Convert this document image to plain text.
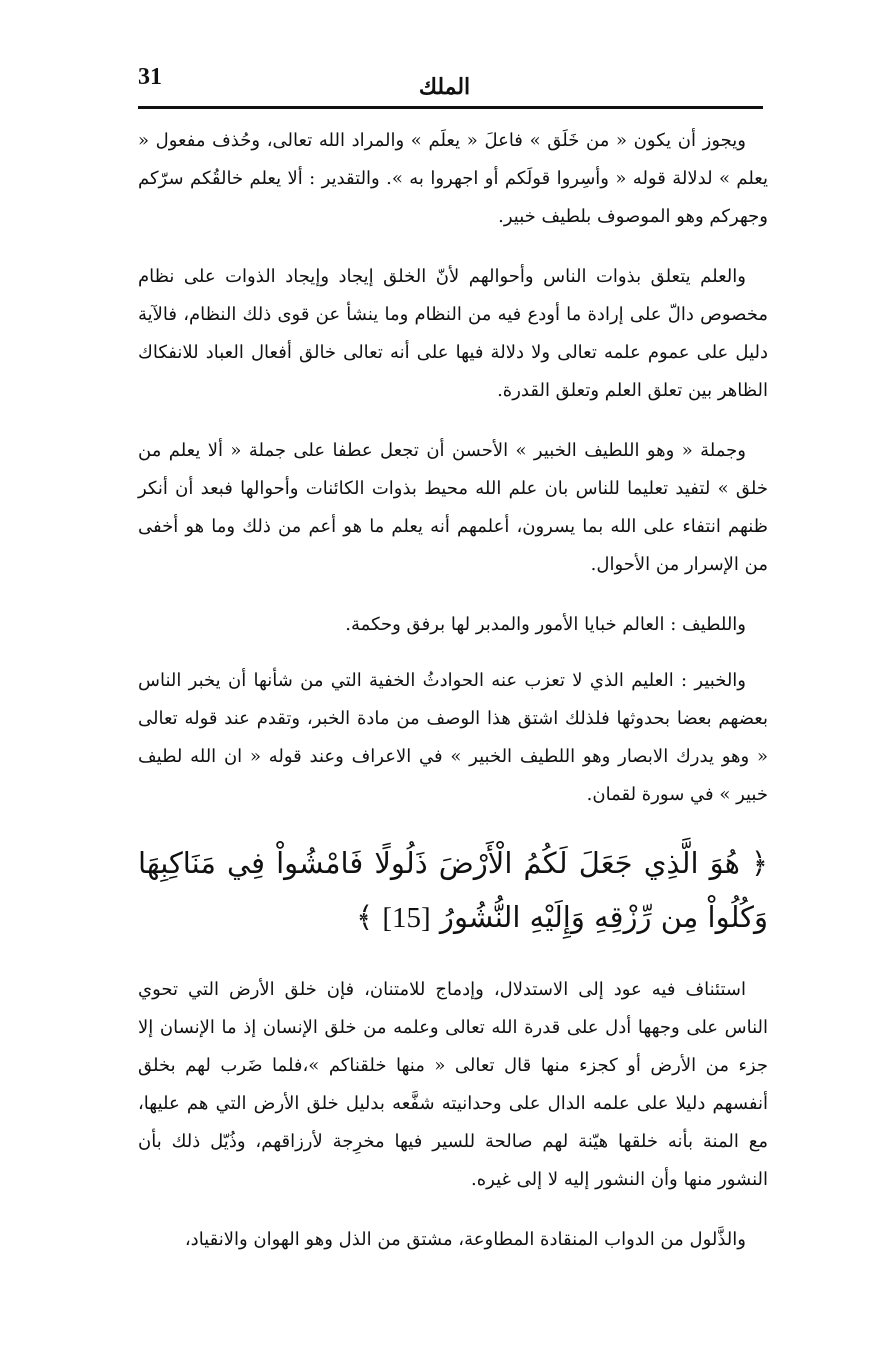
31	الملك

ويجوز أن يكون « من خَلَق » فاعلَ « يعلَم » والمراد الله تعالى، وحُذف مفعول « يعلم » لدلالة قوله « وأسِروا قولَكم أو اجهروا به ». والتقدير : ألا يعلم خالقُكم سرّكم وجهركم وهو الموصوف بلطيف خبير.

والعلم يتعلق بذوات الناس وأحوالهم لأنّ الخلق إيجاد وإيجاد الذوات على نظام مخصوص دالّ على إرادة ما أودع فيه من النظام وما ينشأ عن قوى ذلك النظام، فالآية دليل على عموم علمه تعالى ولا دلالة فيها على أنه تعالى خالق أفعال العباد للانفكاك الظاهر بين تعلق العلم وتعلق القدرة.

وجملة « وهو اللطيف الخبير » الأحسن أن تجعل عطفا على جملة « ألا يعلم من خلق » لتفيد تعليما للناس بان علم الله محيط بذوات الكائنات وأحوالها فبعد أن أنكر ظنهم انتفاء على الله بما يسرون، أعلمهم أنه يعلم ما هو أعم من ذلك وما هو أخفى من الإسرار من الأحوال.

واللطيف : العالم خبايا الأمور والمدبر لها برفق وحكمة.

والخبير : العليم الذي لا تعزب عنه الحوادثُ الخفية التي من شأنها أن يخبر الناس بعضهم بعضا بحدوثها فلذلك اشتق هذا الوصف من مادة الخبر، وتقدم عند قوله تعالى « وهو يدرك الابصار وهو اللطيف الخبير » في الاعراف وعند قوله « ان الله لطيف خبير » في سورة لقمان.

﴿ هُوَ الَّذِي جَعَلَ لَكُمُ الْأَرْضَ ذَلُولًا فَامْشُواْ فِي مَنَاكِبِهَا وَكُلُواْ مِن رِّزْقِهِ وَإِلَيْهِ النُّشُورُ [15] ﴾

استئناف فيه عود إلى الاستدلال، وإدماج للامتنان، فإن خلق الأرض التي تحوي الناس على وجهها أدل على قدرة الله تعالى وعلمه من خلق الإنسان إذ ما الإنسان إلا جزء من الأرض أو كجزء منها قال تعالى « منها خلقناكم »،فلما ضَرب لهم بخلق أنفسهم دليلا على علمه الدال على وحدانيته شفَّعه بدليل خلق الأرض التي هم عليها، مع المنة بأنه خلقها هيّنة لهم صالحة للسير فيها مخرِجة لأرزاقهم، وذُيّل ذلك بأن النشور منها وأن النشور إليه لا إلى غيره.

والذَّلول من الدواب المنقادة المطاوعة، مشتق من الذل وهو الهوان والانقياد،
